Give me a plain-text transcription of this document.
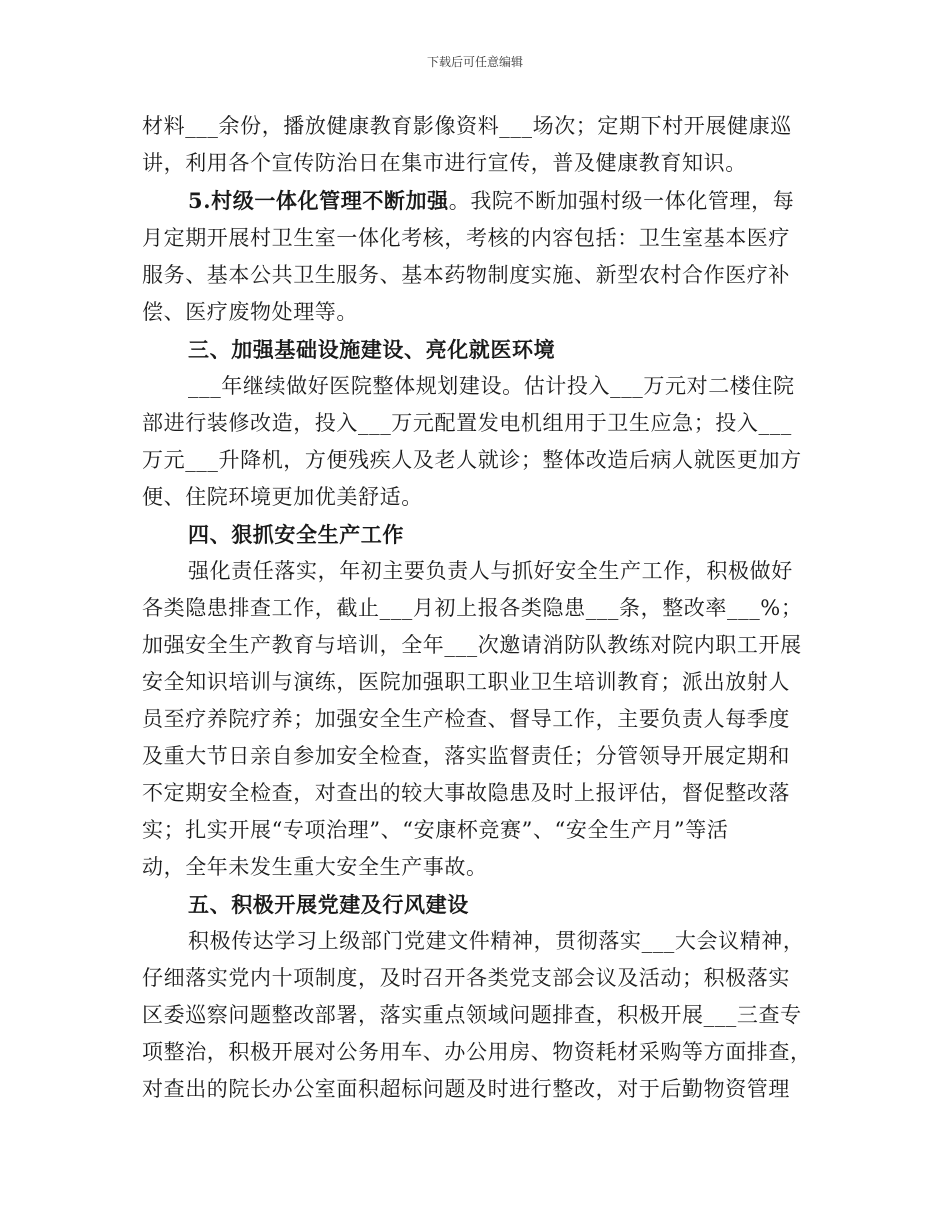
下载后可任意编辑
材料___余份，播放健康教育影像资料___场次；定期下村开展健康巡
讲，利用各个宣传防治日在集市进行宣传，普及健康教育知识。
5.村级一体化管理不断加强。我院不断加强村级一体化管理，每
月定期开展村卫生室一体化考核，考核的内容包括：卫生室基本医疗
服务、基本公共卫生服务、基本药物制度实施、新型农村合作医疗补
偿、医疗废物处理等。
三、加强基础设施建设、亮化就医环境
___年继续做好医院整体规划建设。估计投入___万元对二楼住院
部进行装修改造，投入___万元配置发电机组用于卫生应急；投入___
万元___升降机，方便残疾人及老人就诊；整体改造后病人就医更加方
便、住院环境更加优美舒适。
四、狠抓安全生产工作
强化责任落实，年初主要负责人与抓好安全生产工作，积极做好
各类隐患排查工作，截止___月初上报各类隐患___条，整改率___%；
加强安全生产教育与培训，全年___次邀请消防队教练对院内职工开展
安全知识培训与演练，医院加强职工职业卫生培训教育；派出放射人
员至疗养院疗养；加强安全生产检查、督导工作，主要负责人每季度
及重大节日亲自参加安全检查，落实监督责任；分管领导开展定期和
不定期安全检查，对查出的较大事故隐患及时上报评估，督促整改落
实；扎实开展“专项治理”、“安康杯竞赛”、“安全生产月”等活
动，全年未发生重大安全生产事故。
五、积极开展党建及行风建设
积极传达学习上级部门党建文件精神，贯彻落实___大会议精神，
仔细落实党内十项制度，及时召开各类党支部会议及活动；积极落实
区委巡察问题整改部署，落实重点领域问题排查，积极开展___三查专
项整治，积极开展对公务用车、办公用房、物资耗材采购等方面排查，
对查出的院长办公室面积超标问题及时进行整改，对于后勤物资管理
